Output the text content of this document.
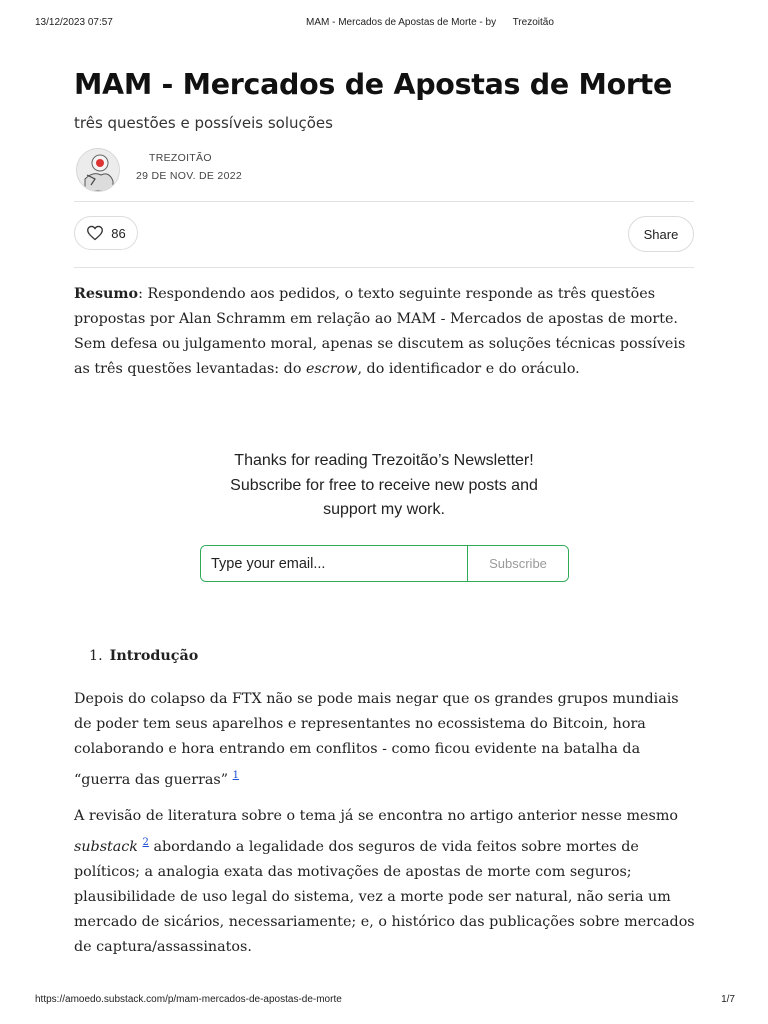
13/12/2023 07:57	MAM - Mercados de Apostas de Morte - by      Trezoitão
MAM - Mercados de Apostas de Morte
três questões e possíveis soluções
TREZOITÃO
29 DE NOV. DE 2022
86	Share

Resumo: Respondendo aos pedidos, o texto seguinte responde as três questões propostas por Alan Schramm em relação ao MAM - Mercados de apostas de morte. Sem defesa ou julgamento moral, apenas se discutem as soluções técnicas possíveis as três questões levantadas: do escrow, do identificador e do oráculo.

Thanks for reading Trezoitão’s Newsletter!
Subscribe for free to receive new posts and
support my work.
Type your email...
Subscribe
1. Introdução

Depois do colapso da FTX não se pode mais negar que os grandes grupos mundiais de poder tem seus aparelhos e representantes no ecossistema do Bitcoin, hora colaborando e hora entrando em conflitos - como ficou evidente na batalha da “guerra das guerras” $^1$

A revisão de literatura sobre o tema já se encontra no artigo anterior nesse mesmo substack $^2$ abordando a legalidade dos seguros de vida feitos sobre mortes de políticos; a analogia exata das motivações de apostas de morte com seguros; plausibilidade de uso legal do sistema, vez a morte pode ser natural, não seria um mercado de sicários, necessariamente; e, o histórico das publicações sobre mercados de captura/assassinatos.

https://amoedo.substack.com/p/mam-mercados-de-apostas-de-morte	1/7
